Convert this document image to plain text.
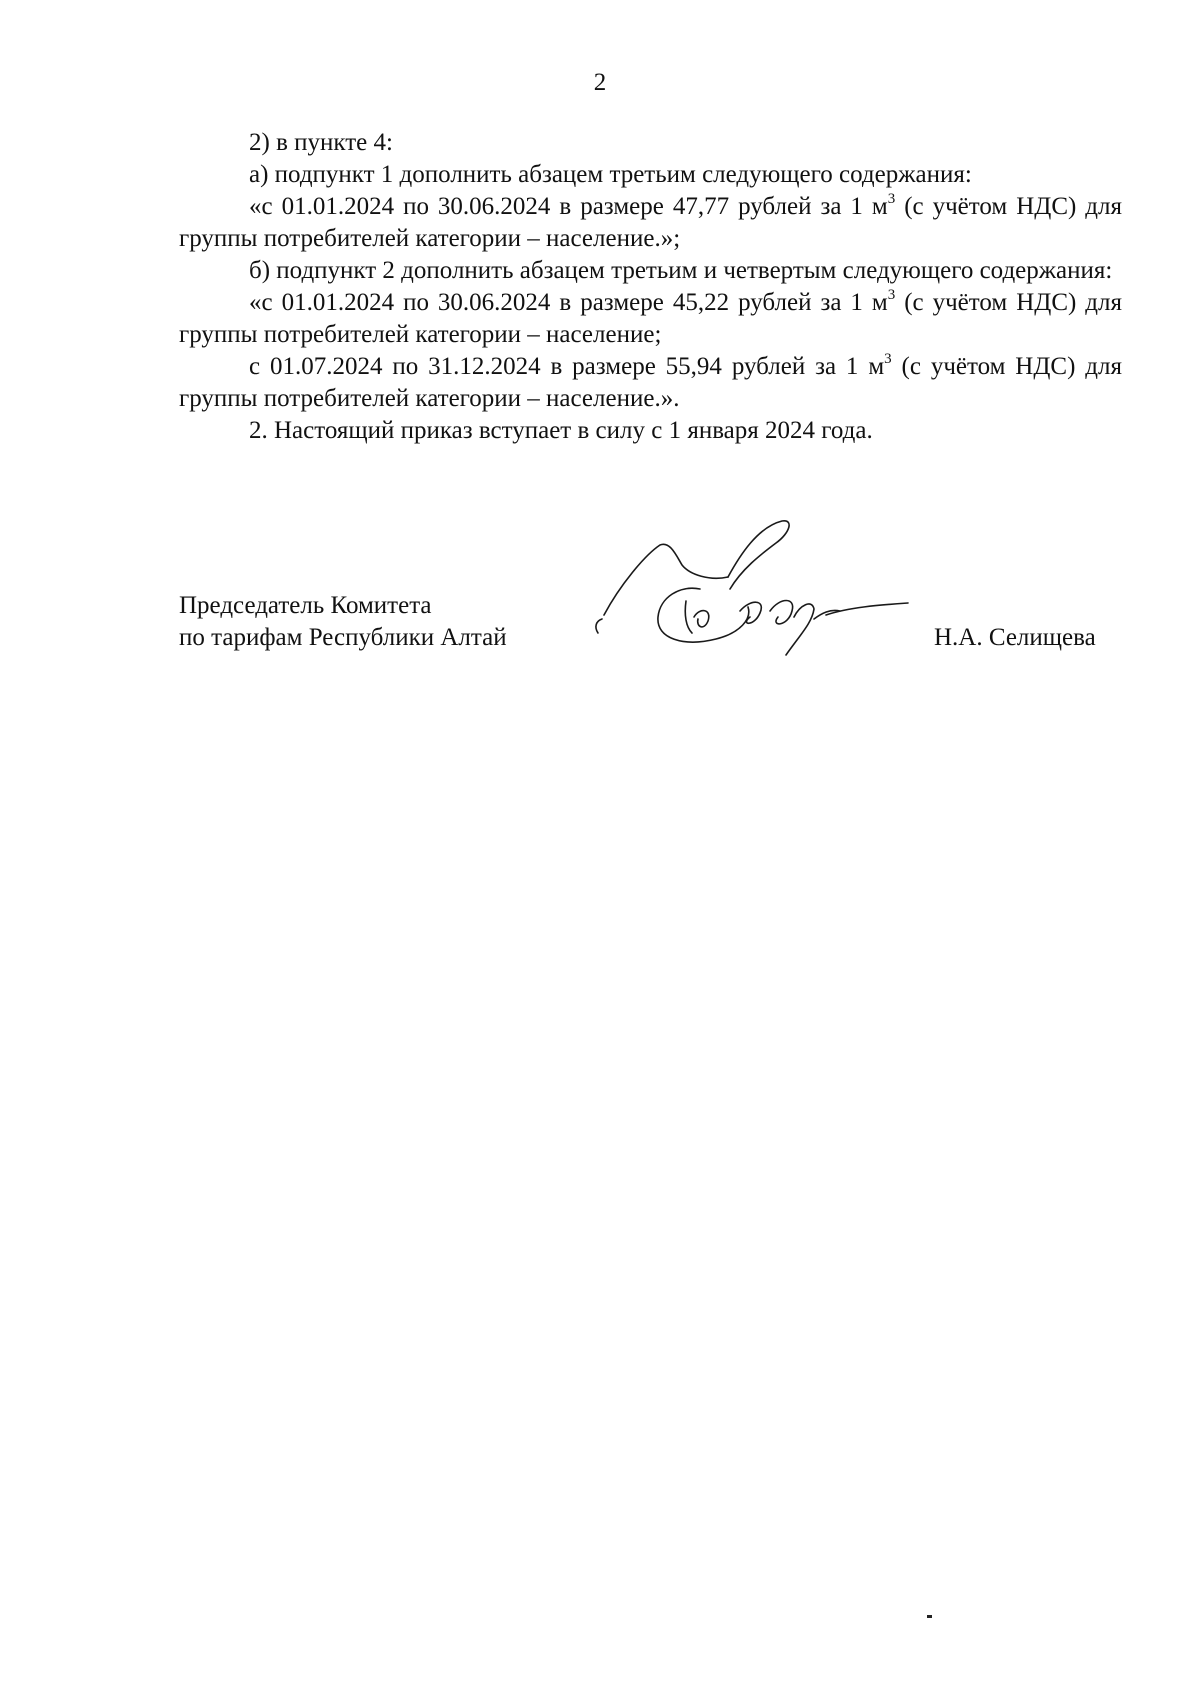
2

2) в пункте 4:

а) подпункт 1 дополнить абзацем третьим следующего содержания:

«с 01.01.2024 по 30.06.2024 в размере 47,77 рублей за 1 $м^3$ (с учётом НДС) для группы потребителей категории – население.»;

б) подпункт 2 дополнить абзацем третьим и четвертым следующего содержания:

«с 01.01.2024 по 30.06.2024 в размере 45,22 рублей за 1 $м^3$ (с учётом НДС) для группы потребителей категории – население;

с 01.07.2024 по 31.12.2024 в размере 55,94 рублей за 1 $м^3$ (с учётом НДС) для группы потребителей категории – население.».

2. Настоящий приказ вступает в силу с 1 января 2024 года.

Председатель Комитета
по тарифам Республики Алтай	Н.А. Селищева
